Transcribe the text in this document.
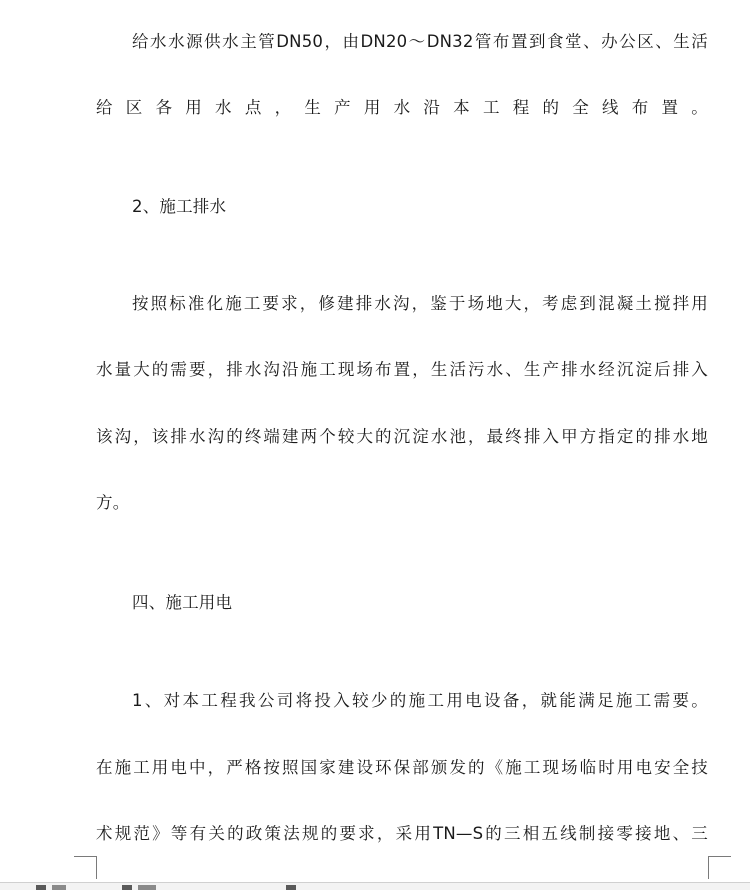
给水水源供水主管DN50，由DN20～DN32管布置到食堂、办公区、生活
给区各用水点，生产用水沿本工程的全线布置。
2、施工排水
按照标准化施工要求，修建排水沟，鉴于场地大，考虑到混凝土搅拌用
水量大的需要，排水沟沿施工现场布置，生活污水、生产排水经沉淀后排入
该沟，该排水沟的终端建两个较大的沉淀水池，最终排入甲方指定的排水地
方。
四、施工用电
1、对本工程我公司将投入较少的施工用电设备，就能满足施工需要。
在施工用电中，严格按照国家建设环保部颁发的《施工现场临时用电安全技
术规范》等有关的政策法规的要求，采用TN—S的三相五线制接零接地、三
